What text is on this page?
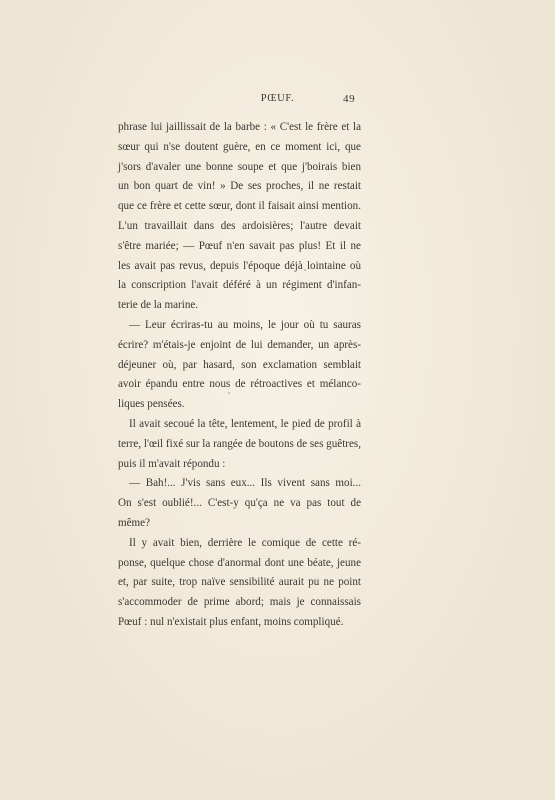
PŒUF.	49

phrase lui jaillissait de la barbe : « C'est le frère et la
sœur qui n'se doutent guère, en ce moment ici, que
j'sors d'avaler une bonne soupe et que j'boirais bien
un bon quart de vin! » De ses proches, il ne restait
que ce frère et cette sœur, dont il faisait ainsi mention.
L'un travaillait dans des ardoisières; l'autre devait
s'être mariée; — Pœuf n'en savait pas plus! Et il ne
les avait pas revus, depuis l'époque déjà lointaine où
la conscription l'avait déféré à un régiment d'infan-
terie de la marine.

— Leur écriras-tu au moins, le jour où tu sauras
écrire? m'étais-je enjoint de lui demander, un après-
déjeuner où, par hasard, son exclamation semblait
avoir épandu entre nous de rétroactives et mélanco-
liques pensées.

Il avait secoué la tête, lentement, le pied de profil à
terre, l'œil fixé sur la rangée de boutons de ses guêtres,
puis il m'avait répondu :

— Bah!... J'vis sans eux... Ils vivent sans moi...
On s'est oublié!... C'est-y qu'ça ne va pas tout de
même?

Il y avait bien, derrière le comique de cette ré-
ponse, quelque chose d'anormal dont une béate, jeune
et, par suite, trop naïve sensibilité aurait pu ne point
s'accommoder de prime abord; mais je connaissais
Pœuf : nul n'existait plus enfant, moins compliqué.
